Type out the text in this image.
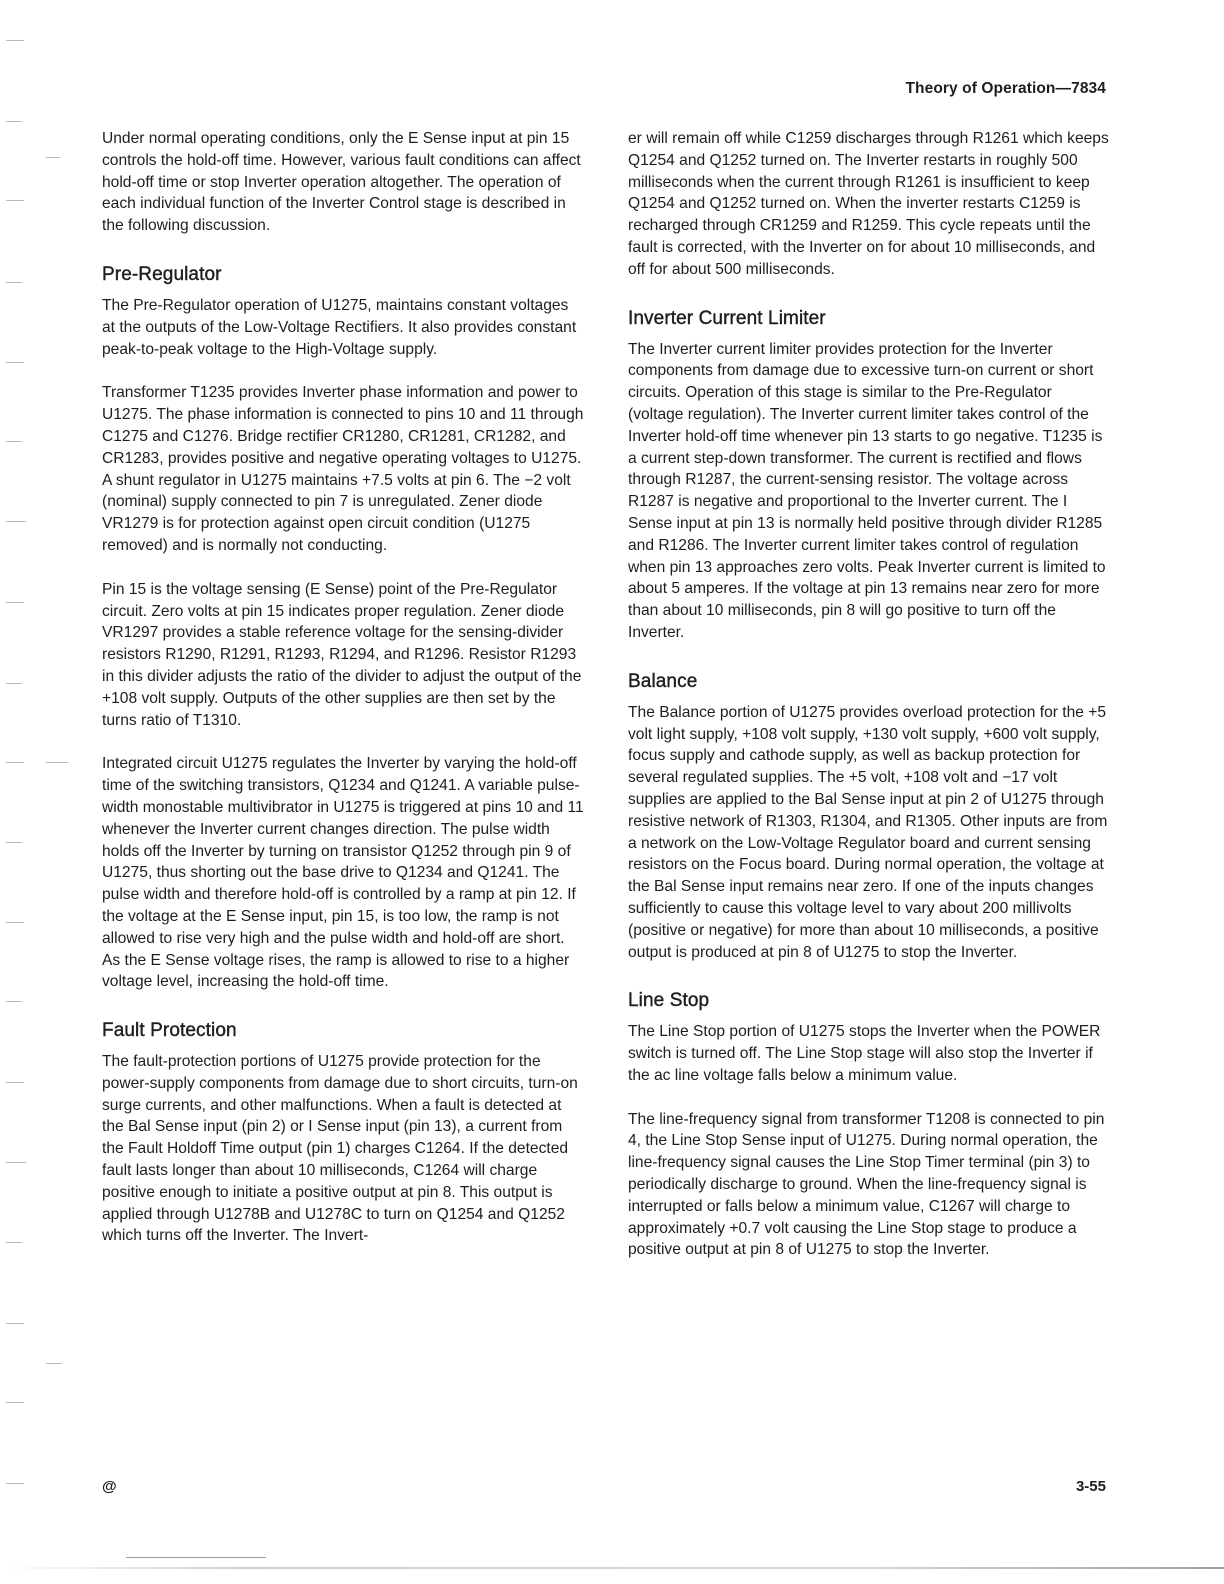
Theory of Operation—7834

Under normal operating conditions, only the E Sense input at pin 15 controls the hold-off time. However, various fault conditions can affect hold-off time or stop Inverter operation altogether. The operation of each individual function of the Inverter Control stage is described in the following discussion.

Pre-Regulator

The Pre-Regulator operation of U1275, maintains constant voltages at the outputs of the Low-Voltage Rectifiers. It also provides constant peak-to-peak voltage to the High-Voltage supply.

Transformer T1235 provides Inverter phase information and power to U1275. The phase information is connected to pins 10 and 11 through C1275 and C1276. Bridge rectifier CR1280, CR1281, CR1282, and CR1283, provides positive and negative operating voltages to U1275. A shunt regulator in U1275 maintains +7.5 volts at pin 6. The −2 volt (nominal) supply connected to pin 7 is unregulated. Zener diode VR1279 is for protection against open circuit condition (U1275 removed) and is normally not conducting.

Pin 15 is the voltage sensing (E Sense) point of the Pre-Regulator circuit. Zero volts at pin 15 indicates proper regulation. Zener diode VR1297 provides a stable reference voltage for the sensing-divider resistors R1290, R1291, R1293, R1294, and R1296. Resistor R1293 in this divider adjusts the ratio of the divider to adjust the output of the +108 volt supply. Outputs of the other supplies are then set by the turns ratio of T1310.

Integrated circuit U1275 regulates the Inverter by varying the hold-off time of the switching transistors, Q1234 and Q1241. A variable pulse-width monostable multivibrator in U1275 is triggered at pins 10 and 11 whenever the Inverter current changes direction. The pulse width holds off the Inverter by turning on transistor Q1252 through pin 9 of U1275, thus shorting out the base drive to Q1234 and Q1241. The pulse width and therefore hold-off is controlled by a ramp at pin 12. If the voltage at the E Sense input, pin 15, is too low, the ramp is not allowed to rise very high and the pulse width and hold-off are short. As the E Sense voltage rises, the ramp is allowed to rise to a higher voltage level, increasing the hold-off time.

Fault Protection

The fault-protection portions of U1275 provide protection for the power-supply components from damage due to short circuits, turn-on surge currents, and other malfunctions. When a fault is detected at the Bal Sense input (pin 2) or I Sense input (pin 13), a current from the Fault Holdoff Time output (pin 1) charges C1264. If the detected fault lasts longer than about 10 milliseconds, C1264 will charge positive enough to initiate a positive output at pin 8. This output is applied through U1278B and U1278C to turn on Q1254 and Q1252 which turns off the Inverter. The Invert-

er will remain off while C1259 discharges through R1261 which keeps Q1254 and Q1252 turned on. The Inverter restarts in roughly 500 milliseconds when the current through R1261 is insufficient to keep Q1254 and Q1252 turned on. When the inverter restarts C1259 is recharged through CR1259 and R1259. This cycle repeats until the fault is corrected, with the Inverter on for about 10 milliseconds, and off for about 500 milliseconds.

Inverter Current Limiter

The Inverter current limiter provides protection for the Inverter components from damage due to excessive turn-on current or short circuits. Operation of this stage is similar to the Pre-Regulator (voltage regulation). The Inverter current limiter takes control of the Inverter hold-off time whenever pin 13 starts to go negative. T1235 is a current step-down transformer. The current is rectified and flows through R1287, the current-sensing resistor. The voltage across R1287 is negative and proportional to the Inverter current. The I Sense input at pin 13 is normally held positive through divider R1285 and R1286. The Inverter current limiter takes control of regulation when pin 13 approaches zero volts. Peak Inverter current is limited to about 5 amperes. If the voltage at pin 13 remains near zero for more than about 10 milliseconds, pin 8 will go positive to turn off the Inverter.

Balance

The Balance portion of U1275 provides overload protection for the +5 volt light supply, +108 volt supply, +130 volt supply, +600 volt supply, focus supply and cathode supply, as well as backup protection for several regulated supplies. The +5 volt, +108 volt and −17 volt supplies are applied to the Bal Sense input at pin 2 of U1275 through resistive network of R1303, R1304, and R1305. Other inputs are from a network on the Low-Voltage Regulator board and current sensing resistors on the Focus board. During normal operation, the voltage at the Bal Sense input remains near zero. If one of the inputs changes sufficiently to cause this voltage level to vary about 200 millivolts (positive or negative) for more than about 10 milliseconds, a positive output is produced at pin 8 of U1275 to stop the Inverter.

Line Stop

The Line Stop portion of U1275 stops the Inverter when the POWER switch is turned off. The Line Stop stage will also stop the Inverter if the ac line voltage falls below a minimum value.

The line-frequency signal from transformer T1208 is connected to pin 4, the Line Stop Sense input of U1275. During normal operation, the line-frequency signal causes the Line Stop Timer terminal (pin 3) to periodically discharge to ground. When the line-frequency signal is interrupted or falls below a minimum value, C1267 will charge to approximately +0.7 volt causing the Line Stop stage to produce a positive output at pin 8 of U1275 to stop the Inverter.

@	3-55
